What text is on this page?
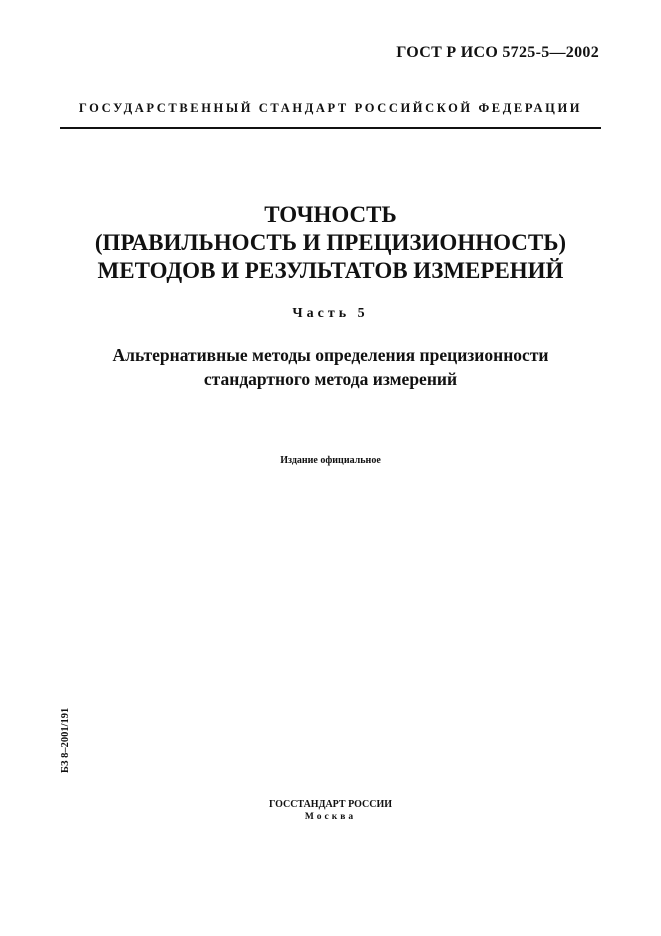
ГОСТ Р ИСО 5725-5—2002
ГОСУДАРСТВЕННЫЙ СТАНДАРТ РОССИЙСКОЙ ФЕДЕРАЦИИ
ТОЧНОСТЬ
(ПРАВИЛЬНОСТЬ И ПРЕЦИЗИОННОСТЬ)
МЕТОДОВ И РЕЗУЛЬТАТОВ ИЗМЕРЕНИЙ
Часть 5
Альтернативные методы определения прецизионности
стандартного метода измерений
Издание официальное
БЗ 8–2001/191
ГОССТАНДАРТ РОССИИ
Москва
